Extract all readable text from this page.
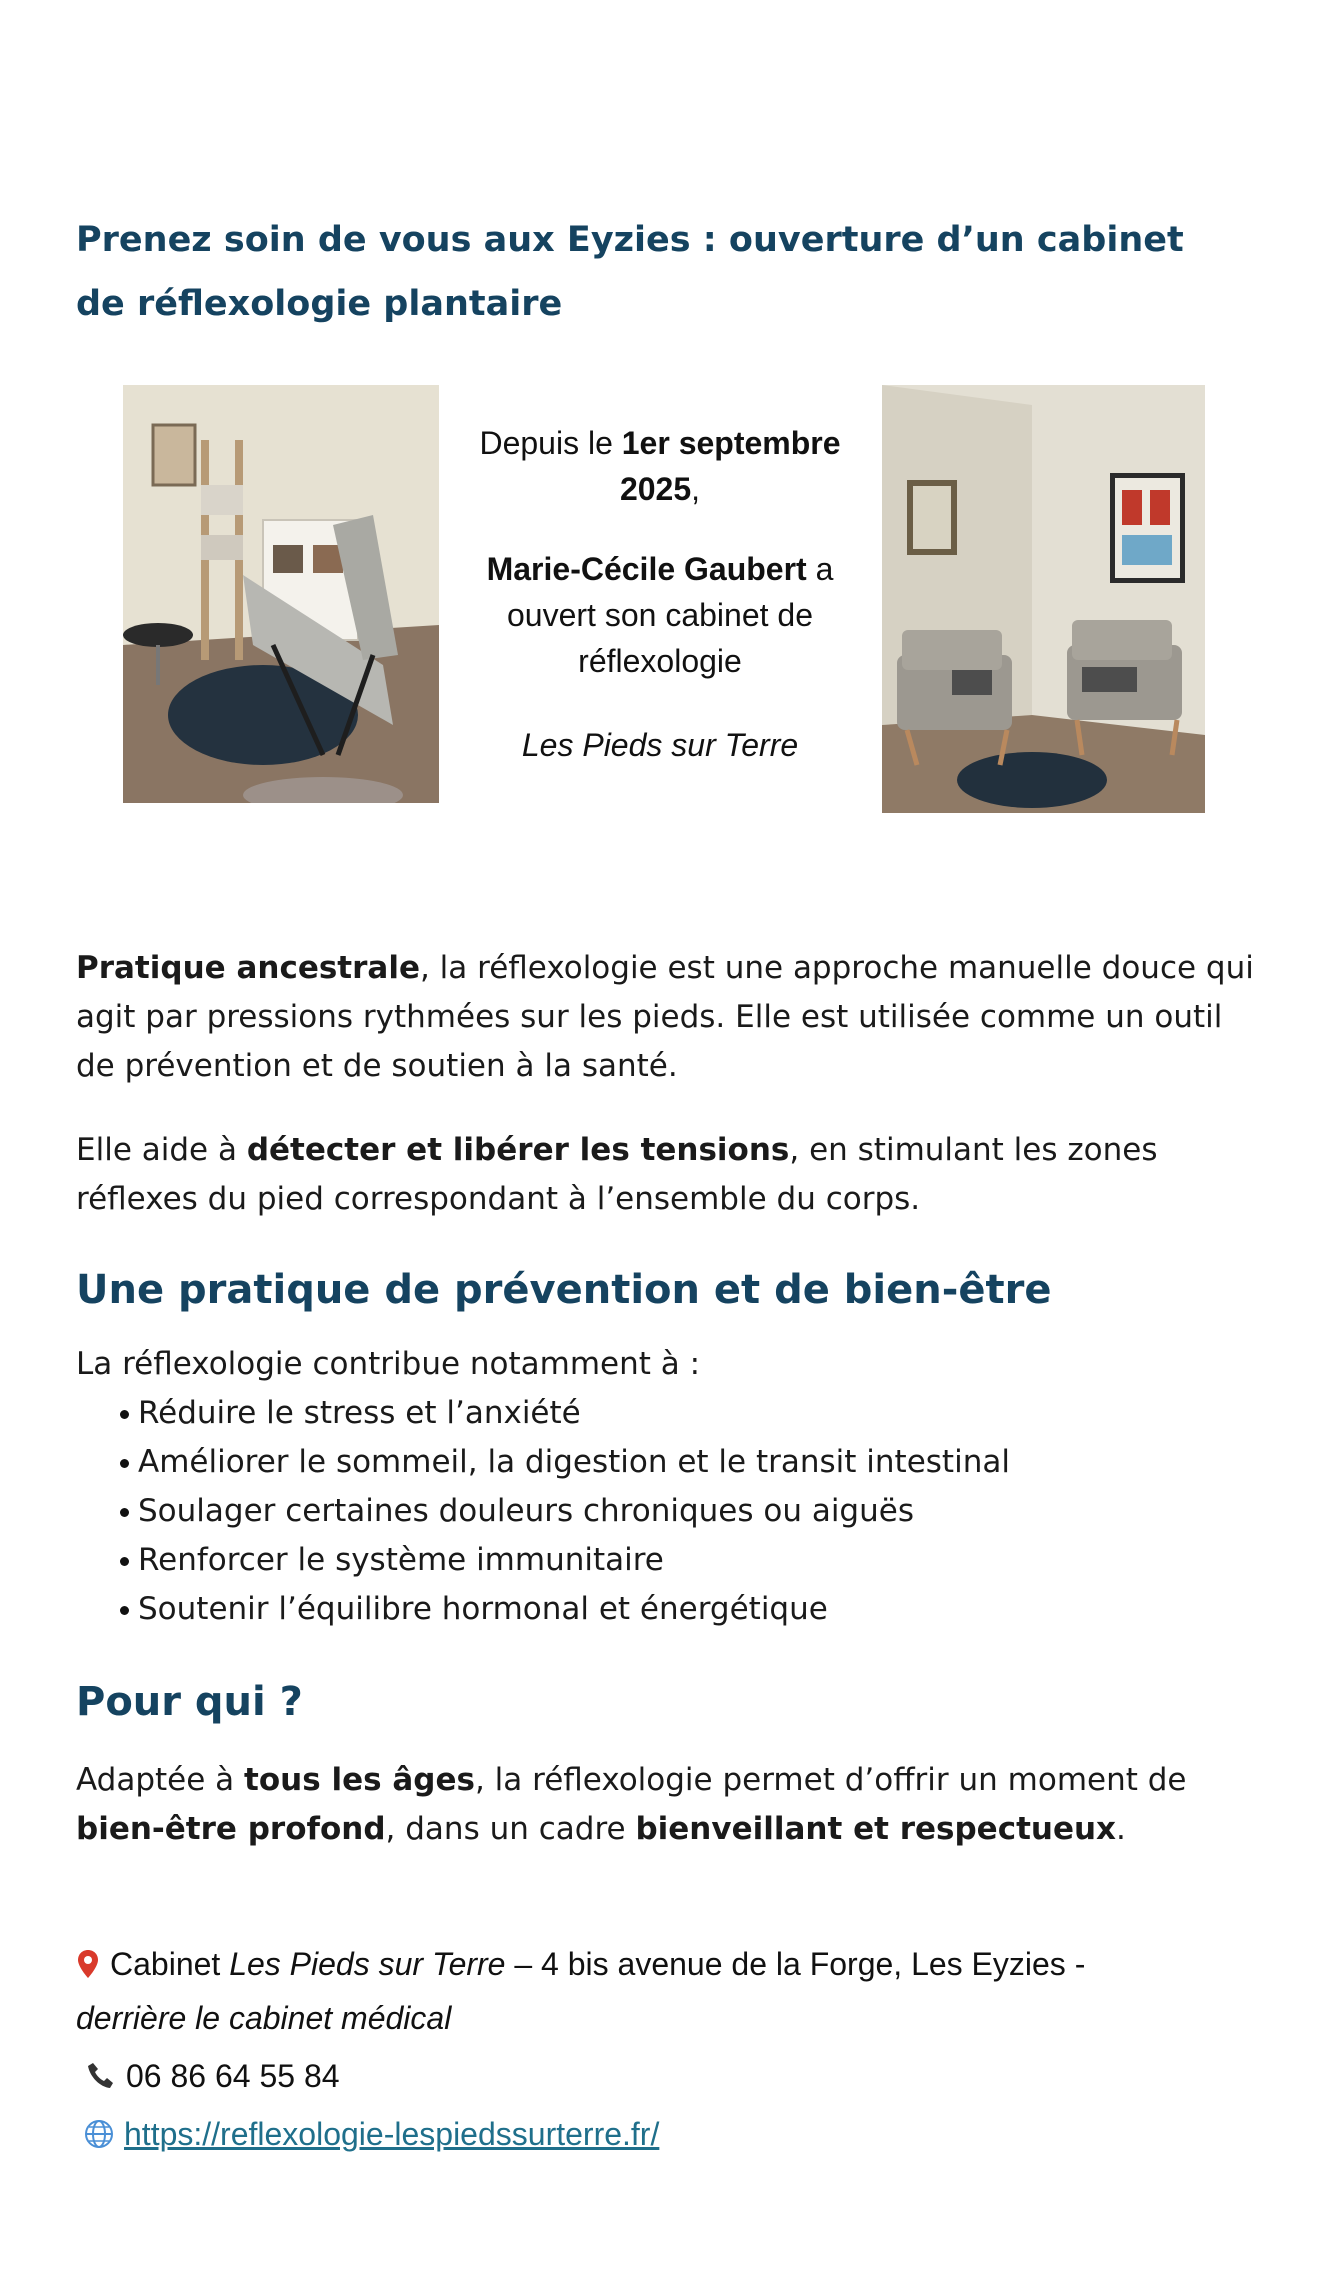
Prenez soin de vous aux Eyzies : ouverture d’un cabinet de réflexologie plantaire

Depuis le 1er septembre 2025,

Marie-Cécile Gaubert a ouvert son cabinet de réflexologie

Les Pieds sur Terre

Pratique ancestrale, la réflexologie est une approche manuelle douce qui agit par pressions rythmées sur les pieds. Elle est utilisée comme un outil de prévention et de soutien à la santé.

Elle aide à détecter et libérer les tensions, en stimulant les zones réflexes du pied correspondant à l’ensemble du corps.

Une pratique de prévention et de bien-être

La réflexologie contribue notamment à :

Réduire le stress et l’anxiété
Améliorer le sommeil, la digestion et le transit intestinal
Soulager certaines douleurs chroniques ou aiguës
Renforcer le système immunitaire
Soutenir l’équilibre hormonal et énergétique
Pour qui ?

Adaptée à tous les âges, la réflexologie permet d’offrir un moment de bien-être profond, dans un cadre bienveillant et respectueux.

Cabinet Les Pieds sur Terre – 4 bis avenue de la Forge, Les Eyzies -
derrière le cabinet médical
06 86 64 55 84
https://reflexologie-lespiedssurterre.fr/
